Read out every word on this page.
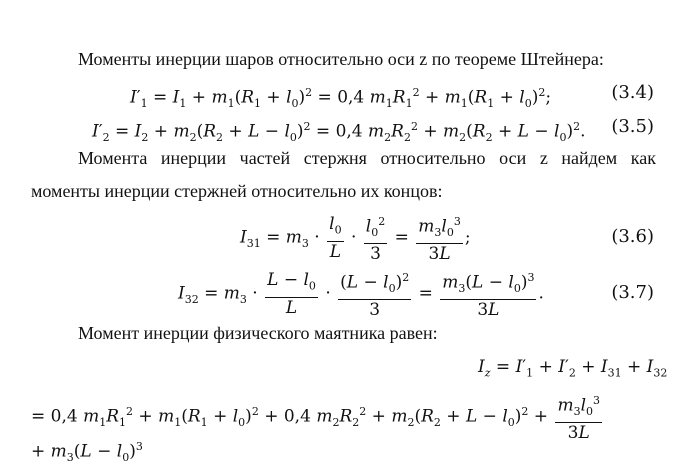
Моменты инерции шаров относительно оси z по теореме Штейнера:
$I'_1 = I_1 + m_1(R_1 + l_0)^2 = 0,4$ $m_1R_1^2 + m_1(R_1 + l_0)^2$;	(3.4)
$I'_2 = I_2 + m_2(R_2 + L - l_0)^2 = 0,4$ $m_2R_2^2 + m_2(R_2 + L - l_0)^2$. (3.5)
Момента инерции частей стержня относительно оси z найдем как
моменты инерции стержней относительно их концов:
$I_{31} = m_3 \cdot \frac{l_0}{L} \cdot \frac{l_0^2}{3} = \frac{m_3l_0^3}{3L}$ ;	(3.6)
$I_{32} = m_3 \cdot \frac{L - l_0}{L} \cdot \frac{(L - l_0)^2}{3} = \frac{m_3(L - l_0)^3}{3L}$ .	(3.7)
Момент инерции физического маятника равен:
$I_z = I'_1 + I'_2 + I_{31} + I_{32}$
= 0,4 $m_1R_1^2 + m_1(R_1 + l_0)^2 + 0,4$ $m_2R_2^2 + m_2(R_2 + L - l_0)^2 + \frac{m_3l_0^3}{3L}$
+ $m_3(L - l_0)^3$
